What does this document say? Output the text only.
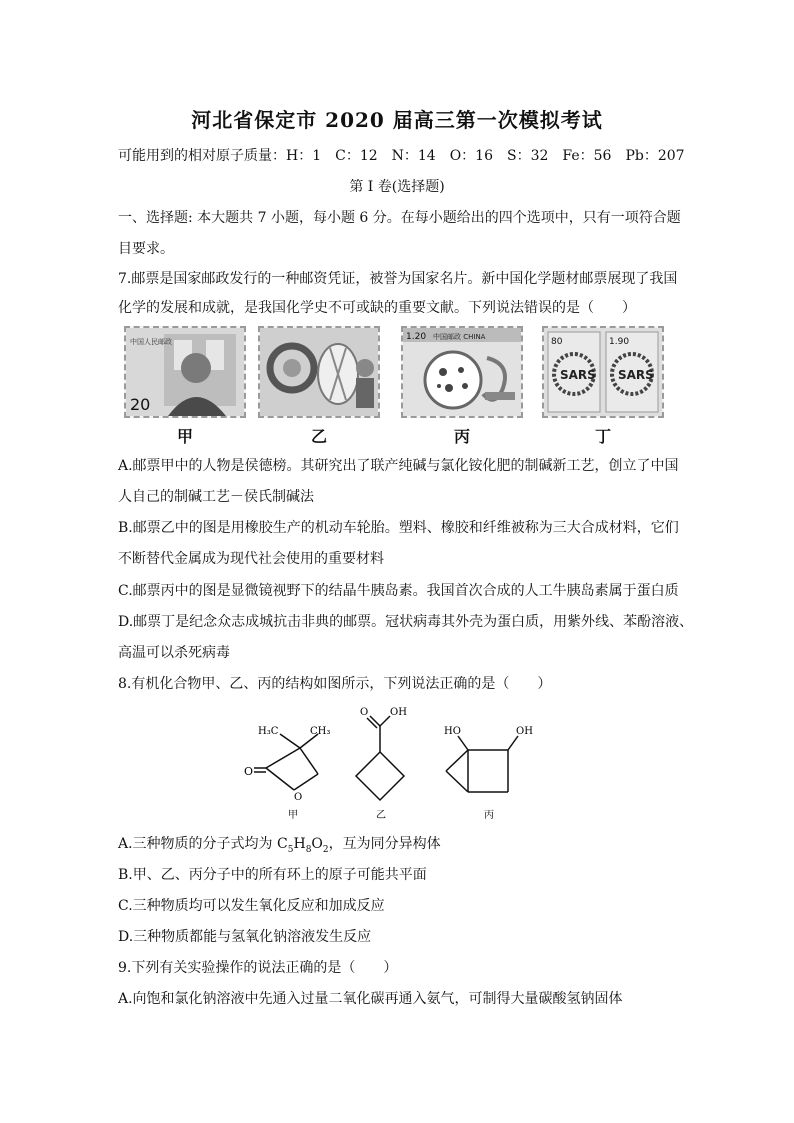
河北省保定市 2020 届高三第一次模拟考试
可能用到的相对原子质量：H：1　C：12　N：14　O：16　S：32　Fe：56　Pb：207
第 I 卷(选择题)
一、选择题: 本大题共 7 小题，每小题 6 分。在每小题给出的四个选项中，只有一项符合题
目要求。
7.邮票是国家邮政发行的一种邮资凭证，被誉为国家名片。新中国化学题材邮票展现了我国
化学的发展和成就，是我国化学史不可或缺的重要文献。下列说法错误的是（　　）
中国人民邮政
20
甲	乙
1.20 中国邮政 CHINA
丙
SARS SARS
80	1.90
丁
A.邮票甲中的人物是侯德榜。其研究出了联产纯碱与氯化铵化肥的制碱新工艺，创立了中国
人自己的制碱工艺－侯氏制碱法
B.邮票乙中的图是用橡胶生产的机动车轮胎。塑料、橡胶和纤维被称为三大合成材料，它们
不断替代金属成为现代社会使用的重要材料
C.邮票丙中的图是显微镜视野下的结晶牛胰岛素。我国首次合成的人工牛胰岛素属于蛋白质
D.邮票丁是纪念众志成城抗击非典的邮票。冠状病毒其外壳为蛋白质，用紫外线、苯酚溶液、
高温可以杀死病毒
8.有机化合物甲、乙、丙的结构如图所示，下列说法正确的是（　　）
H₃C	CH₃
O
O
甲
O OH
乙
HO	OH
丙
A.三种物质的分子式均为 $C_5H_8O_2$，互为同分异构体
B.甲、乙、丙分子中的所有环上的原子可能共平面
C.三种物质均可以发生氧化反应和加成反应
D.三种物质都能与氢氧化钠溶液发生反应
9.下列有关实验操作的说法正确的是（　　）
A.向饱和氯化钠溶液中先通入过量二氧化碳再通入氨气，可制得大量碳酸氢钠固体
